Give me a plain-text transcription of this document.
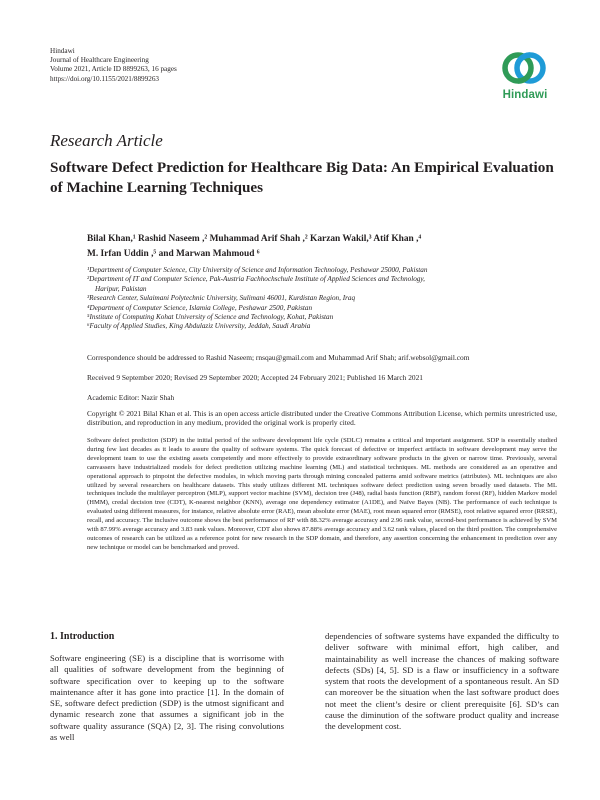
Hindawi
Journal of Healthcare Engineering
Volume 2021, Article ID 8899263, 16 pages
https://doi.org/10.1155/2021/8899263
Hindawi
Research Article
Software Defect Prediction for Healthcare Big Data: An Empirical Evaluation of Machine Learning Techniques
Bilal Khan,¹ Rashid Naseem ,² Muhammad Arif Shah ,² Karzan Wakil,³ Atif Khan ,⁴
M. Irfan Uddin ,⁵ and Marwan Mahmoud ⁶
¹Department of Computer Science, City University of Science and Information Technology, Peshawar 25000, Pakistan
²Department of IT and Computer Science, Pak-Austria Fachhochschule Institute of Applied Sciences and Technology,
Haripur, Pakistan
³Research Center, Sulaimani Polytechnic University, Sulimani 46001, Kurdistan Region, Iraq
⁴Department of Computer Science, Islamia College, Peshawar 2500, Pakistan
⁵Institute of Computing Kohat University of Science and Technology, Kohat, Pakistan
⁶Faculty of Applied Studies, King Abdulaziz University, Jeddah, Saudi Arabia
Correspondence should be addressed to Rashid Naseem; rnsqau@gmail.com and Muhammad Arif Shah; arif.websol@gmail.com
Received 9 September 2020; Revised 29 September 2020; Accepted 24 February 2021; Published 16 March 2021
Academic Editor: Nazir Shah
Copyright © 2021 Bilal Khan et al. This is an open access article distributed under the Creative Commons Attribution License, which permits unrestricted use, distribution, and reproduction in any medium, provided the original work is properly cited.
Software defect prediction (SDP) in the initial period of the software development life cycle (SDLC) remains a critical and important assignment. SDP is essentially studied during few last decades as it leads to assure the quality of software systems. The quick forecast of defective or imperfect artifacts in software development may serve the development team to use the existing assets competently and more effectively to provide extraordinary software products in the given or narrow time. Previously, several canvassers have industrialized models for defect prediction utilizing machine learning (ML) and statistical techniques. ML methods are considered as an operative and operational approach to pinpoint the defective modules, in which moving parts through mining concealed patterns amid software metrics (attributes). ML techniques are also utilized by several researchers on healthcare datasets. This study utilizes different ML techniques software defect prediction using seven broadly used datasets. The ML techniques include the multilayer perceptron (MLP), support vector machine (SVM), decision tree (J48), radial basis function (RBF), random forest (RF), hidden Markov model (HMM), credal decision tree (CDT), K-nearest neighbor (KNN), average one dependency estimator (A1DE), and Naïve Bayes (NB). The performance of each technique is evaluated using different measures, for instance, relative absolute error (RAE), mean absolute error (MAE), root mean squared error (RMSE), root relative squared error (RRSE), recall, and accuracy. The inclusive outcome shows the best performance of RF with 88.32% average accuracy and 2.96 rank value, second-best performance is achieved by SVM with 87.99% average accuracy and 3.83 rank values. Moreover, CDT also shows 87.88% average accuracy and 3.62 rank values, placed on the third position. The comprehensive outcomes of research can be utilized as a reference point for new research in the SDP domain, and therefore, any assertion concerning the enhancement in prediction over any new technique or model can be benchmarked and proved.
1. Introduction
Software engineering (SE) is a discipline that is worrisome with all qualities of software development from the beginning of software specification over to keeping up to the software maintenance after it has gone into practice [1]. In the domain of SE, software defect prediction (SDP) is the utmost significant and dynamic research zone that assumes a significant job in the software quality assurance (SQA) [2, 3]. The rising convolutions as well
dependencies of software systems have expanded the difficulty to deliver software with minimal effort, high caliber, and maintainability as well increase the chances of making software defects (SDs) [4, 5]. SD is a flaw or insufficiency in a software system that roots the development of a spontaneous result. An SD can moreover be the situation when the last software product does not meet the client’s desire or client prerequisite [6]. SD’s can cause the diminution of the software product quality and increase the development cost.
